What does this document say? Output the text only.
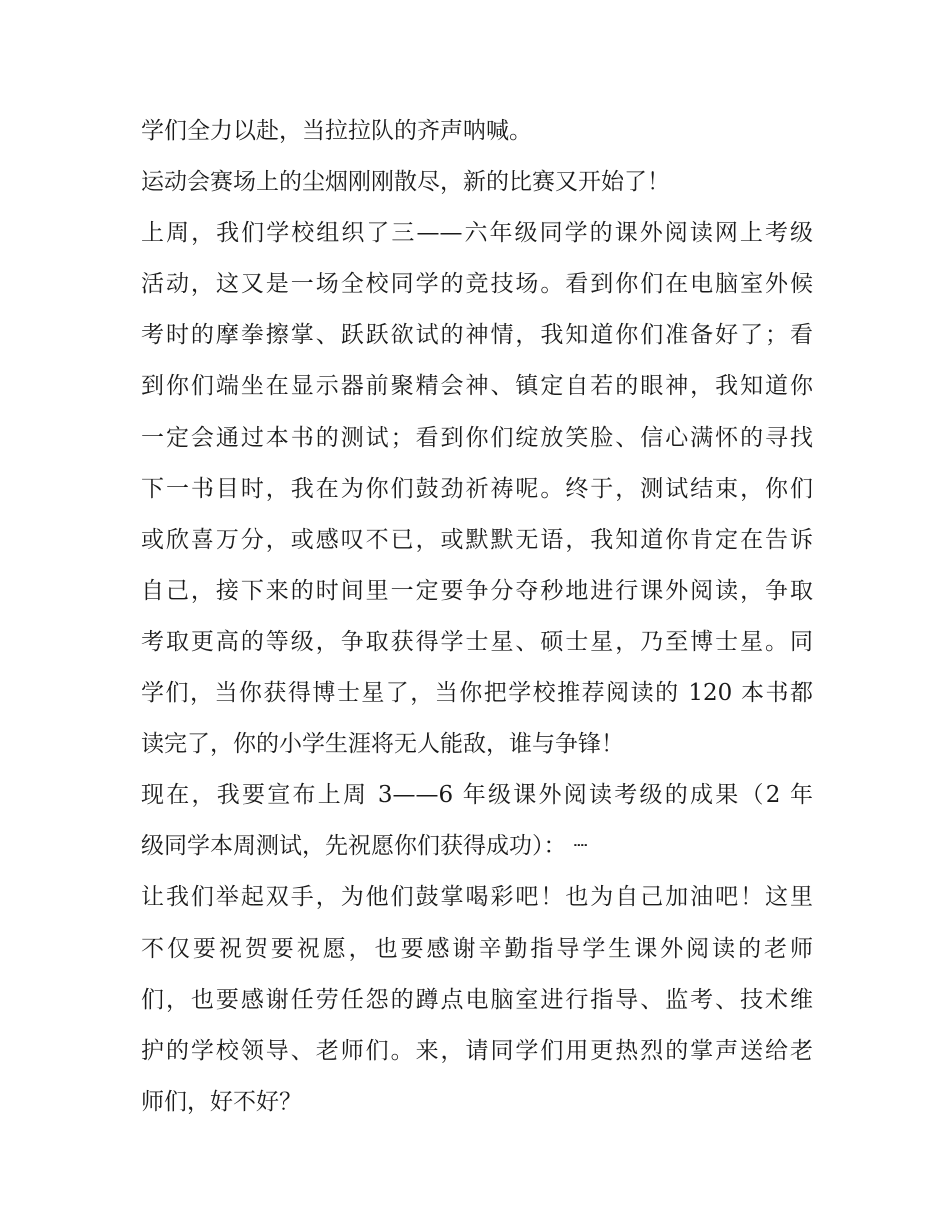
学们全力以赴，当拉拉队的齐声呐喊。
运动会赛场上的尘烟刚刚散尽，新的比赛又开始了！
上周，我们学校组织了三——六年级同学的课外阅读网上考级
活动，这又是一场全校同学的竞技场。看到你们在电脑室外候
考时的摩拳擦掌、跃跃欲试的神情，我知道你们准备好了；看
到你们端坐在显示器前聚精会神、镇定自若的眼神，我知道你
一定会通过本书的测试；看到你们绽放笑脸、信心满怀的寻找
下一书目时，我在为你们鼓劲祈祷呢。终于，测试结束，你们
或欣喜万分，或感叹不已，或默默无语，我知道你肯定在告诉
自己，接下来的时间里一定要争分夺秒地进行课外阅读，争取
考取更高的等级，争取获得学士星、硕士星，乃至博士星。同
学们，当你获得博士星了，当你把学校推荐阅读的 120 本书都
读完了，你的小学生涯将无人能敌，谁与争锋！
现在，我要宣布上周 3——6 年级课外阅读考级的成果（2 年
级同学本周测试，先祝愿你们获得成功）： ┈
让我们举起双手，为他们鼓掌喝彩吧！也为自己加油吧！这里
不仅要祝贺要祝愿，也要感谢辛勤指导学生课外阅读的老师
们，也要感谢任劳任怨的蹲点电脑室进行指导、监考、技术维
护的学校领导、老师们。来，请同学们用更热烈的掌声送给老
师们，好不好？
